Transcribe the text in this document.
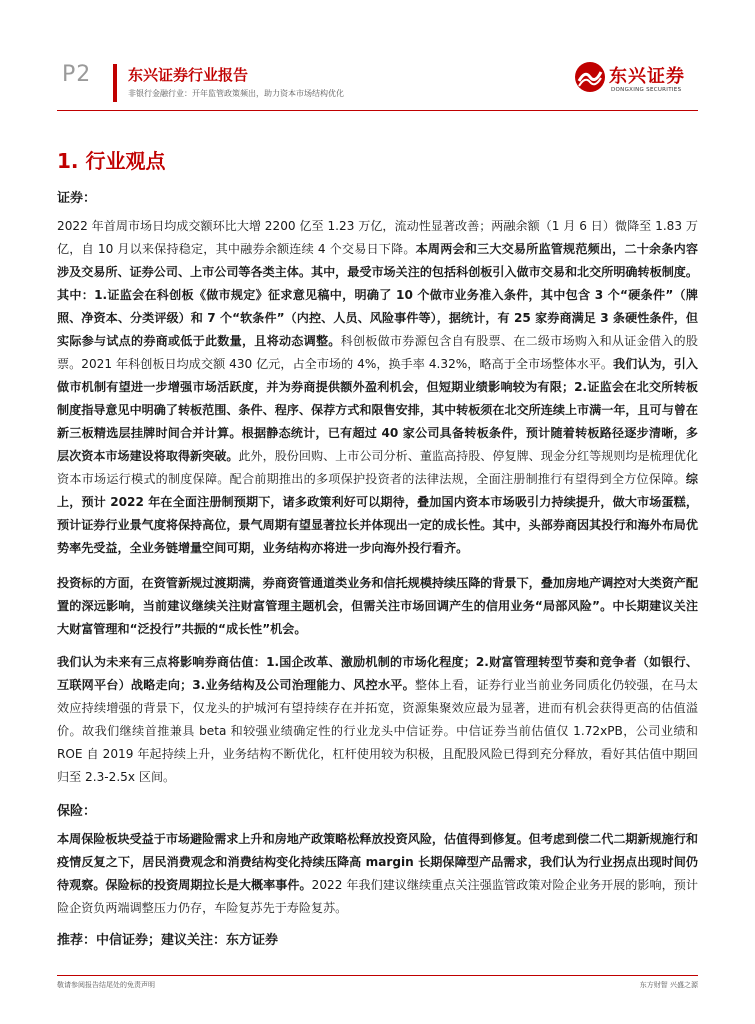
P2 东兴证券行业报告
非银行金融行业：开年监管政策频出，助力资本市场结构优化
东兴证券
DONGXING SECURITIES
1. 行业观点
证券：

2022 年首周市场日均成交额环比大增 2200 亿至 1.23 万亿，流动性显著改善；两融余额（1 月 6 日）微降至 1.83 万亿，自 10 月以来保持稳定，其中融券余额连续 4 个交易日下降。本周两会和三大交易所监管规范频出，二十余条内容涉及交易所、证券公司、上市公司等各类主体。其中，最受市场关注的包括科创板引入做市交易和北交所明确转板制度。其中：1.证监会在科创板《做市规定》征求意见稿中，明确了 10 个做市业务准入条件，其中包含 3 个“硬条件”（牌照、净资本、分类评级）和 7 个“软条件”（内控、人员、风险事件等），据统计，有 25 家券商满足 3 条硬性条件，但实际参与试点的券商或低于此数量，且将动态调整。科创板做市券源包含自有股票、在二级市场购入和从证金借入的股票。2021 年科创板日均成交额 430 亿元，占全市场的 4%，换手率 4.32%，略高于全市场整体水平。我们认为，引入做市机制有望进一步增强市场活跃度，并为券商提供额外盈利机会，但短期业绩影响较为有限；2.证监会在北交所转板制度指导意见中明确了转板范围、条件、程序、保荐方式和限售安排，其中转板须在北交所连续上市满一年，且可与曾在新三板精选层挂牌时间合并计算。根据静态统计，已有超过 40 家公司具备转板条件，预计随着转板路径逐步清晰，多层次资本市场建设将取得新突破。此外，股份回购、上市公司分析、董监高持股、停复牌、现金分红等规则均是梳理优化资本市场运行模式的制度保障。配合前期推出的多项保护投资者的法律法规，全面注册制推行有望得到全方位保障。综上，预计 2022 年在全面注册制预期下，诸多政策利好可以期待，叠加国内资本市场吸引力持续提升，做大市场蛋糕，预计证券行业景气度将保持高位，景气周期有望显著拉长并体现出一定的成长性。其中，头部券商因其投行和海外布局优势率先受益，全业务链增量空间可期，业务结构亦将进一步向海外投行看齐。

投资标的方面，在资管新规过渡期满，券商资管通道类业务和信托规模持续压降的背景下，叠加房地产调控对大类资产配置的深远影响，当前建议继续关注财富管理主题机会，但需关注市场回调产生的信用业务“局部风险”。中长期建议关注大财富管理和“泛投行”共振的“成长性”机会。

我们认为未来有三点将影响券商估值：1.国企改革、激励机制的市场化程度；2.财富管理转型节奏和竞争者（如银行、互联网平台）战略走向；3.业务结构及公司治理能力、风控水平。整体上看，证券行业当前业务同质化仍较强，在马太效应持续增强的背景下，仅龙头的护城河有望持续存在并拓宽，资源集聚效应最为显著，进而有机会获得更高的估值溢价。故我们继续首推兼具 beta 和较强业绩确定性的行业龙头中信证券。中信证券当前估值仅 1.72xPB，公司业绩和 ROE 自 2019 年起持续上升，业务结构不断优化，杠杆使用较为积极，且配股风险已得到充分释放，看好其估值中期回归至 2.3-2.5x 区间。

保险：

本周保险板块受益于市场避险需求上升和房地产政策略松释放投资风险，估值得到修复。但考虑到偿二代二期新规施行和疫情反复之下，居民消费观念和消费结构变化持续压降高 margin 长期保障型产品需求，我们认为行业拐点出现时间仍待观察。保险标的投资周期拉长是大概率事件。2022 年我们建议继续重点关注强监管政策对险企业务开展的影响，预计险企资负两端调整压力仍存，车险复苏先于寿险复苏。

推荐：中信证券；建议关注：东方证券
敬请参阅报告结尾处的免责声明	东方财智 兴盛之源
